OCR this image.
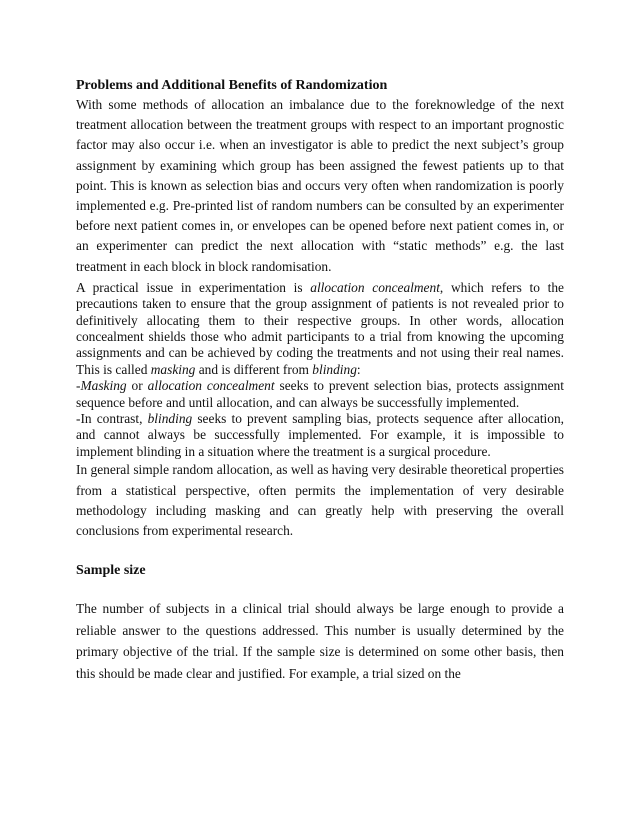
Problems and Additional Benefits of Randomization

With some methods of allocation an imbalance due to the foreknowledge of the next treatment allocation between the treatment groups with respect to an important prognostic factor may also occur i.e. when an investigator is able to predict the next subject’s group assignment by examining which group has been assigned the fewest patients up to that point. This is known as selection bias and occurs very often when randomization is poorly implemented e.g. Pre-printed list of random numbers can be consulted by an experimenter before next patient comes in, or envelopes can be opened before next patient comes in, or an experimenter can predict the next allocation with “static methods” e.g. the last treatment in each block in block randomisation.

A practical issue in experimentation is allocation concealment, which refers to the precautions taken to ensure that the group assignment of patients is not revealed prior to definitively allocating them to their respective groups. In other words, allocation concealment shields those who admit participants to a trial from knowing the upcoming assignments and can be achieved by coding the treatments and not using their real names. This is called masking and is different from blinding:

-Masking or allocation concealment seeks to prevent selection bias, protects assignment sequence before and until allocation, and can always be successfully implemented.

-In contrast, blinding seeks to prevent sampling bias, protects sequence after allocation, and cannot always be successfully implemented. For example, it is impossible to implement blinding in a situation where the treatment is a surgical procedure.

In general simple random allocation, as well as having very desirable theoretical properties from a statistical perspective, often permits the implementation of very desirable methodology including masking and can greatly help with preserving the overall conclusions from experimental research.

Sample size

The number of subjects in a clinical trial should always be large enough to provide a reliable answer to the questions addressed. This number is usually determined by the primary objective of the trial. If the sample size is determined on some other basis, then this should be made clear and justified. For example, a trial sized on the
